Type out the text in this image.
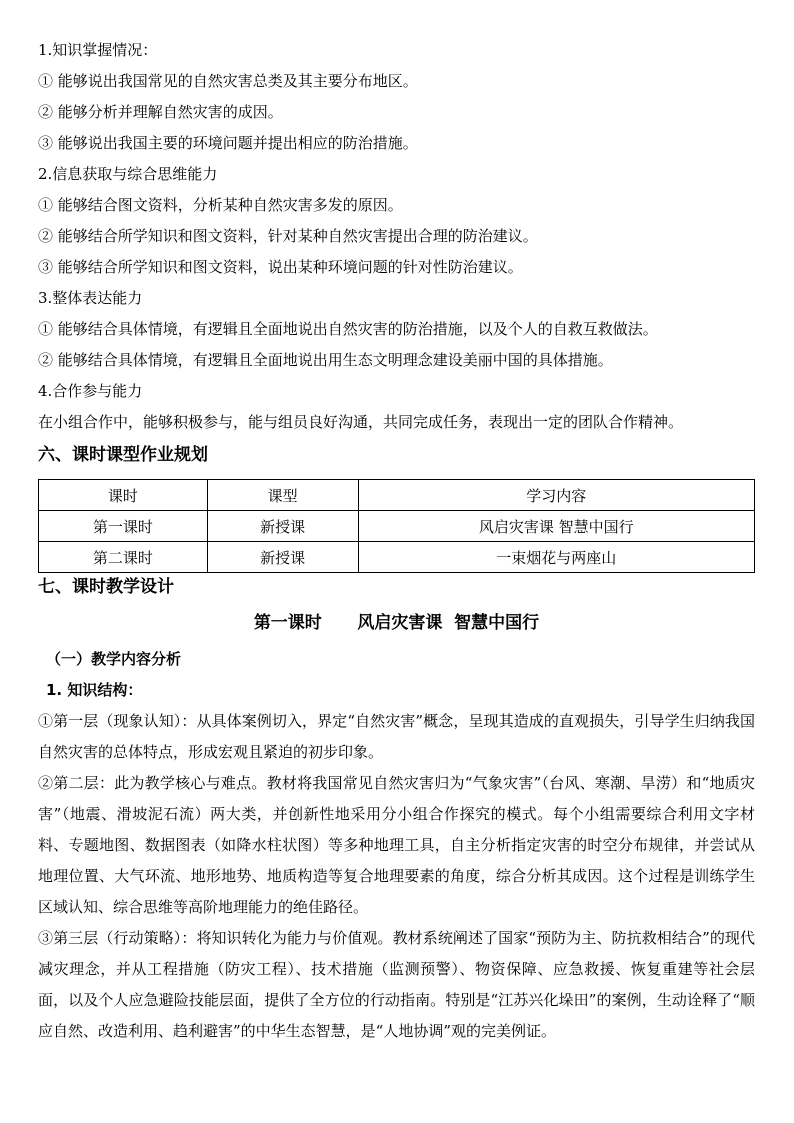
1.知识掌握情况：
① 能够说出我国常见的自然灾害总类及其主要分布地区。
② 能够分析并理解自然灾害的成因。
③ 能够说出我国主要的环境问题并提出相应的防治措施。
2.信息获取与综合思维能力
① 能够结合图文资料，分析某种自然灾害多发的原因。
② 能够结合所学知识和图文资料，针对某种自然灾害提出合理的防治建议。
③ 能够结合所学知识和图文资料，说出某种环境问题的针对性防治建议。
3.整体表达能力
① 能够结合具体情境，有逻辑且全面地说出自然灾害的防治措施，以及个人的自救互救做法。
② 能够结合具体情境，有逻辑且全面地说出用生态文明理念建设美丽中国的具体措施。
4.合作参与能力
在小组合作中，能够积极参与，能与组员良好沟通，共同完成任务，表现出一定的团队合作精神。
六、课时课型作业规划
课时	课型	学习内容
第一课时	新授课	风启灾害课 智慧中国行
第二课时	新授课	一束烟花与两座山
七、课时教学设计
第一课时      风启灾害课  智慧中国行
（一）教学内容分析
1. 知识结构：
①第一层（现象认知）：从具体案例切入，界定“自然灾害”概念，呈现其造成的直观损失，引导学生归纳我国自然灾害的总体特点，形成宏观且紧迫的初步印象。
②第二层：此为教学核心与难点。教材将我国常见自然灾害归为“气象灾害”（台风、寒潮、旱涝）和“地质灾害”（地震、滑坡泥石流）两大类，并创新性地采用分小组合作探究的模式。每个小组需要综合利用文字材料、专题地图、数据图表（如降水柱状图）等多种地理工具，自主分析指定灾害的时空分布规律，并尝试从地理位置、大气环流、地形地势、地质构造等复合地理要素的角度，综合分析其成因。这个过程是训练学生区域认知、综合思维等高阶地理能力的绝佳路径。
③第三层（行动策略）：将知识转化为能力与价值观。教材系统阐述了国家“预防为主、防抗救相结合”的现代减灾理念，并从工程措施（防灾工程）、技术措施（监测预警）、物资保障、应急救援、恢复重建等社会层面，以及个人应急避险技能层面，提供了全方位的行动指南。特别是“江苏兴化垛田”的案例，生动诠释了“顺应自然、改造利用、趋利避害”的中华生态智慧，是“人地协调”观的完美例证。
